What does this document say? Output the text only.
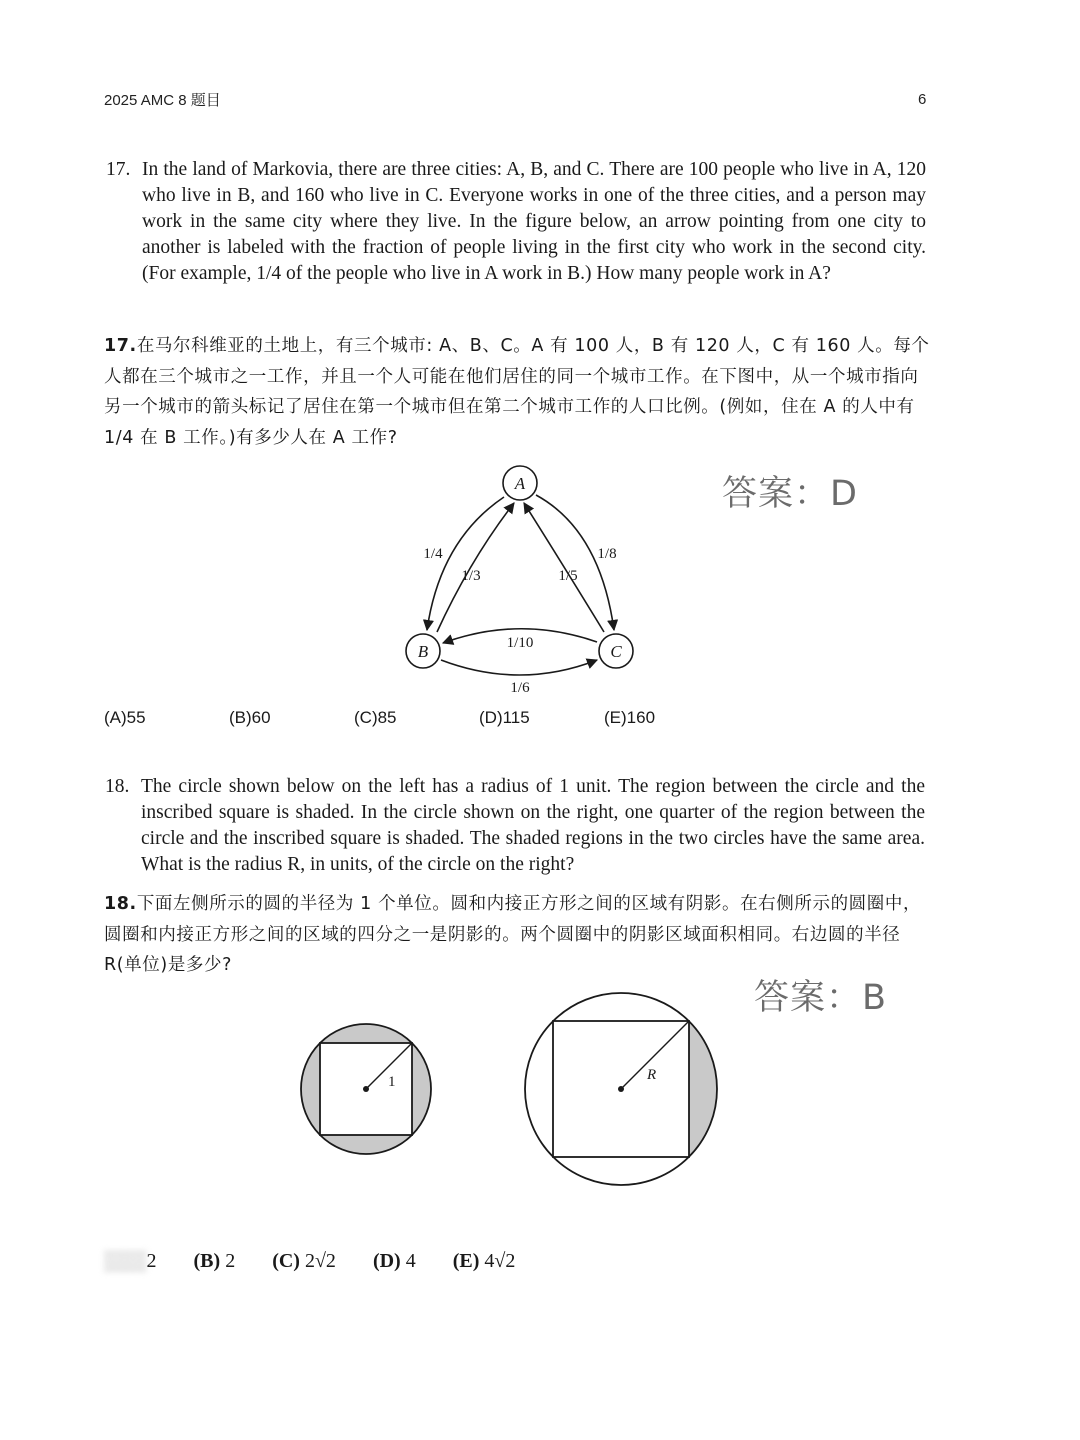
2025 AMC 8 题目	6
17. In the land of Markovia, there are three cities: A, B, and C. There are 100 people who live in A, 120 who live in B, and 160 who live in C. Everyone works in one of the three cities, and a person may work in the same city where they live. In the figure below, an arrow pointing from one city to another is labeled with the fraction of people living in the first city who work in the second city. (For example, 1/4 of the people who live in A work in B.) How many people work in A?

17.在马尔科维亚的土地上，有三个城市: A、B、C。A 有 100 人，B 有 120 人，C 有 160 人。每个人都在三个城市之一工作，并且一个人可能在他们居住的同一个城市工作。在下图中，从一个城市指向另一个城市的箭头标记了居住在第一个城市但在第二个城市工作的人口比例。(例如，住在 A 的人中有 1/4 在 B 工作。)有多少人在 A 工作?
答案：D
A
B	C
1/4
1/3	1/5
1/8
1/10
1/6
(A)55	(B)60	(C)85	(D)115	(E)160
18. The circle shown below on the left has a radius of 1 unit. The region between the circle and the inscribed square is shaded. In the circle shown on the right, one quarter of the region between the circle and the inscribed square is shaded. The shaded regions in the two circles have the same area. What is the radius R, in units, of the circle on the right?

18.下面左侧所示的圆的半径为 1 个单位。圆和内接正方形之间的区域有阴影。在右侧所示的圆圈中，圆圈和内接正方形之间的区域的四分之一是阴影的。两个圆圈中的阴影区域面积相同。右边圆的半径 R(单位)是多少?
答案：B
1	R
▒▒▒2 (B) 2 (C) 2√2 (D) 4 (E) 4√2
